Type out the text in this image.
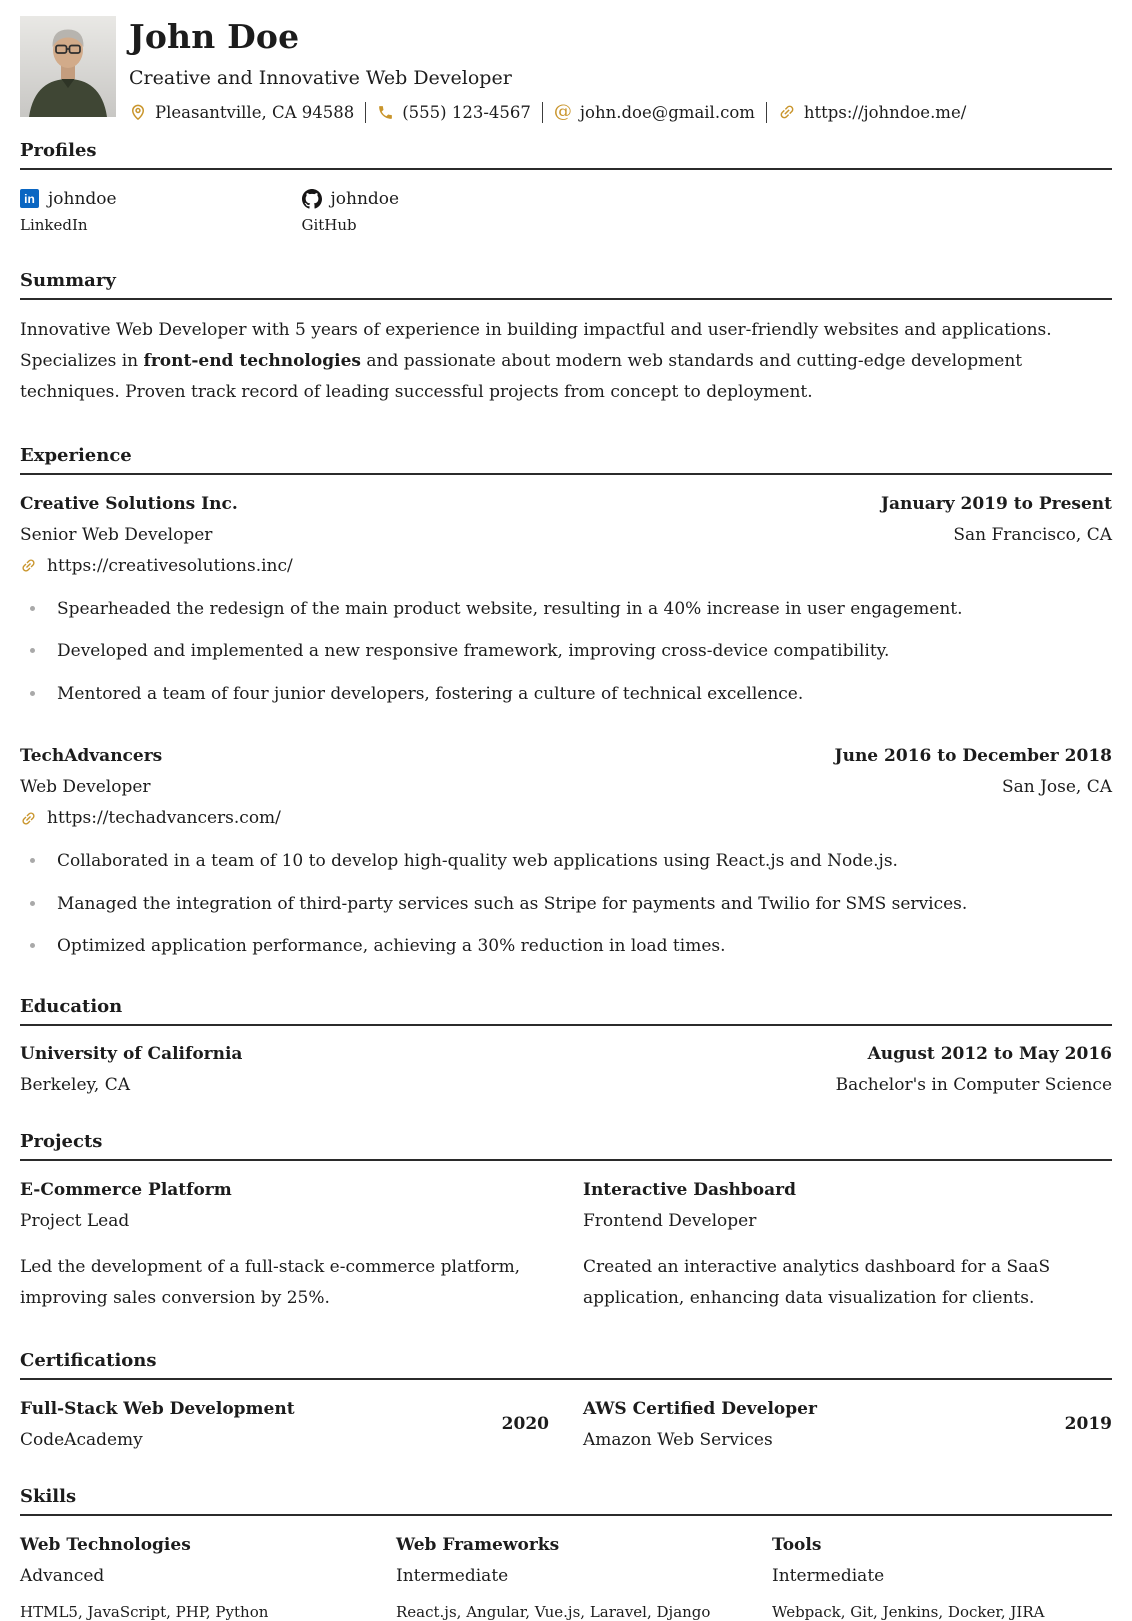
John Doe
Creative and Innovative Web Developer
Pleasantville, CA 94588	(555) 123-4567 @ john.doe@gmail.com	https://johndoe.me/
Profiles
in johndoe
LinkedIn
johndoe
GitHub
Summary

Innovative Web Developer with 5 years of experience in building impactful and user-friendly websites and applications. Specializes in front-end technologies and passionate about modern web standards and cutting-edge development techniques. Proven track record of leading successful projects from concept to deployment.

Experience
Creative Solutions Inc.	January 2019 to Present
Senior Web Developer	San Francisco, CA
https://creativesolutions.inc/
Spearheaded the redesign of the main product website, resulting in a 40% increase in user engagement.
Developed and implemented a new responsive framework, improving cross-device compatibility.
Mentored a team of four junior developers, fostering a culture of technical excellence.
TechAdvancers	June 2016 to December 2018
Web Developer	San Jose, CA
https://techadvancers.com/
Collaborated in a team of 10 to develop high-quality web applications using React.js and Node.js.
Managed the integration of third-party services such as Stripe for payments and Twilio for SMS services.
Optimized application performance, achieving a 30% reduction in load times.
Education
University of California	August 2012 to May 2016
Berkeley, CA	Bachelor's in Computer Science
Projects
E-Commerce Platform
Project Lead
Led the development of a full-stack e-commerce platform, improving sales conversion by 25%.
Interactive Dashboard
Frontend Developer
Created an interactive analytics dashboard for a SaaS application, enhancing data visualization for clients.
Certifications
Full-Stack Web Development
CodeAcademy
2020
AWS Certified Developer
Amazon Web Services
2019
Skills
Web Technologies
Advanced
HTML5, JavaScript, PHP, Python
Web Frameworks
Intermediate
React.js, Angular, Vue.js, Laravel, Django
Tools
Intermediate
Webpack, Git, Jenkins, Docker, JIRA
